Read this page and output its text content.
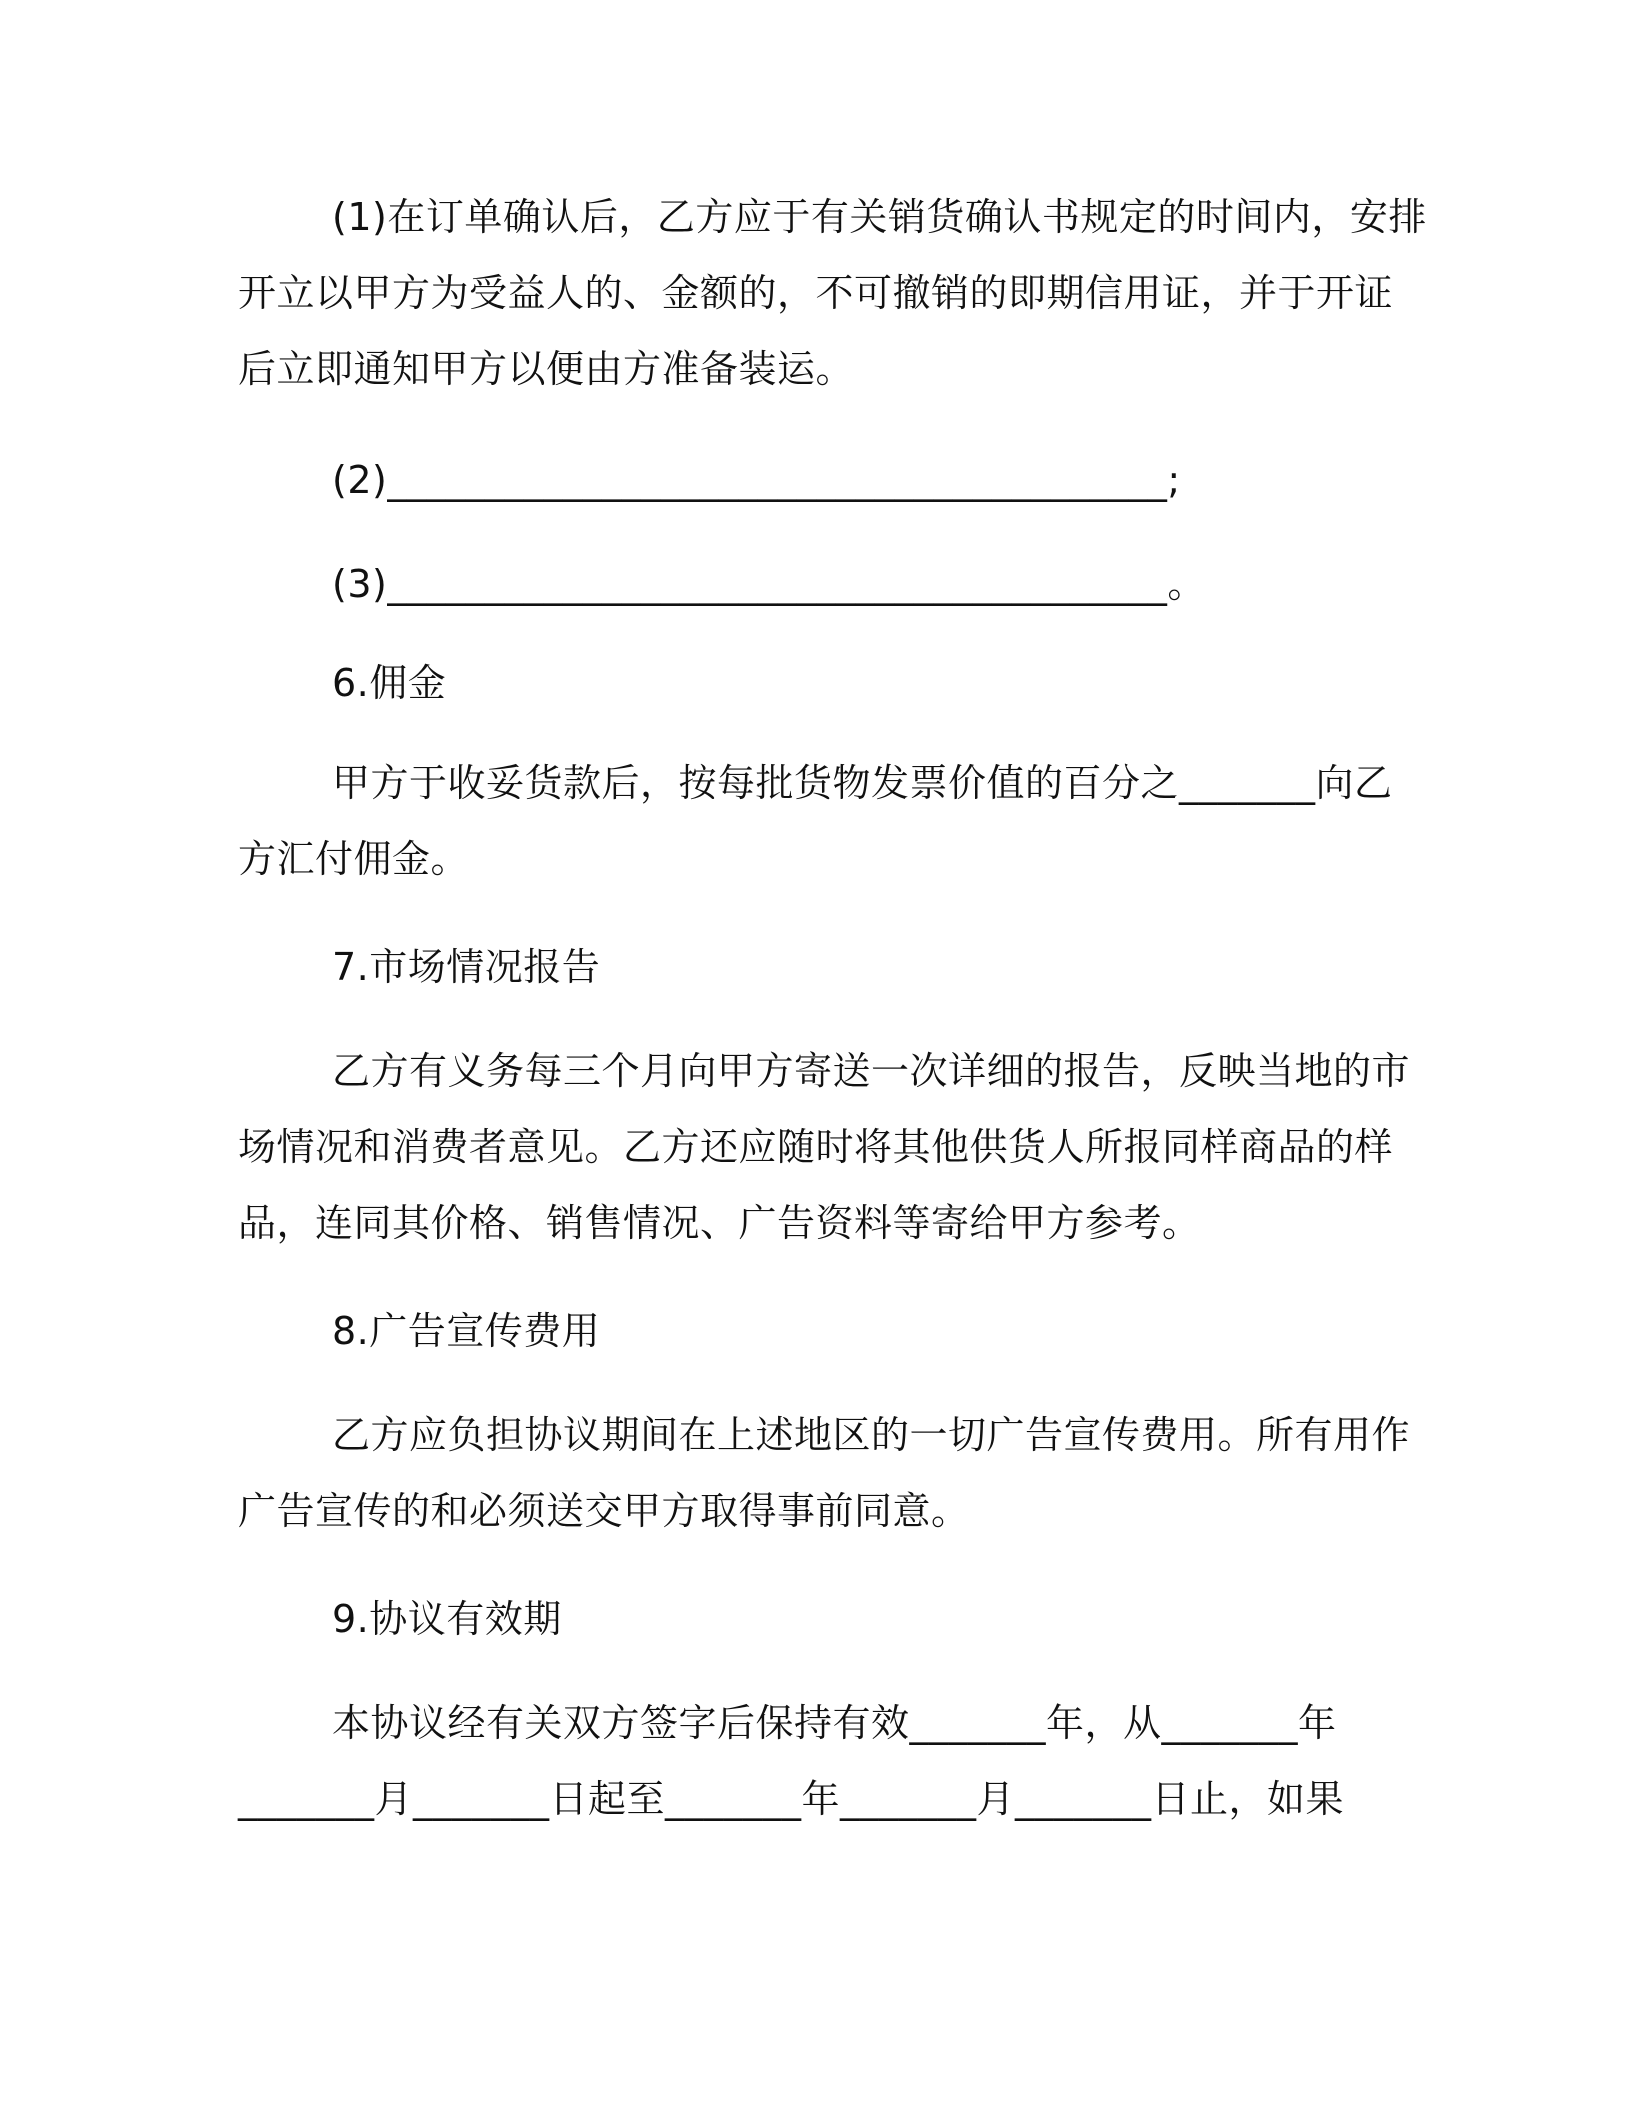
(1)在订单确认后，乙方应于有关销货确认书规定的时间内，安排
开立以甲方为受益人的、金额的，不可撤销的即期信用证，并于开证
后立即通知甲方以便由方准备装运。
(2)________________________________________;
(3)________________________________________。
6.佣金
甲方于收妥货款后，按每批货物发票价值的百分之_______向乙
方汇付佣金。
7.市场情况报告
乙方有义务每三个月向甲方寄送一次详细的报告，反映当地的市
场情况和消费者意见。乙方还应随时将其他供货人所报同样商品的样
品，连同其价格、销售情况、广告资料等寄给甲方参考。
8.广告宣传费用
乙方应负担协议期间在上述地区的一切广告宣传费用。所有用作
广告宣传的和必须送交甲方取得事前同意。
9.协议有效期
本协议经有关双方签字后保持有效_______年，从_______年
_______月_______日起至_______年_______月_______日止，如果
